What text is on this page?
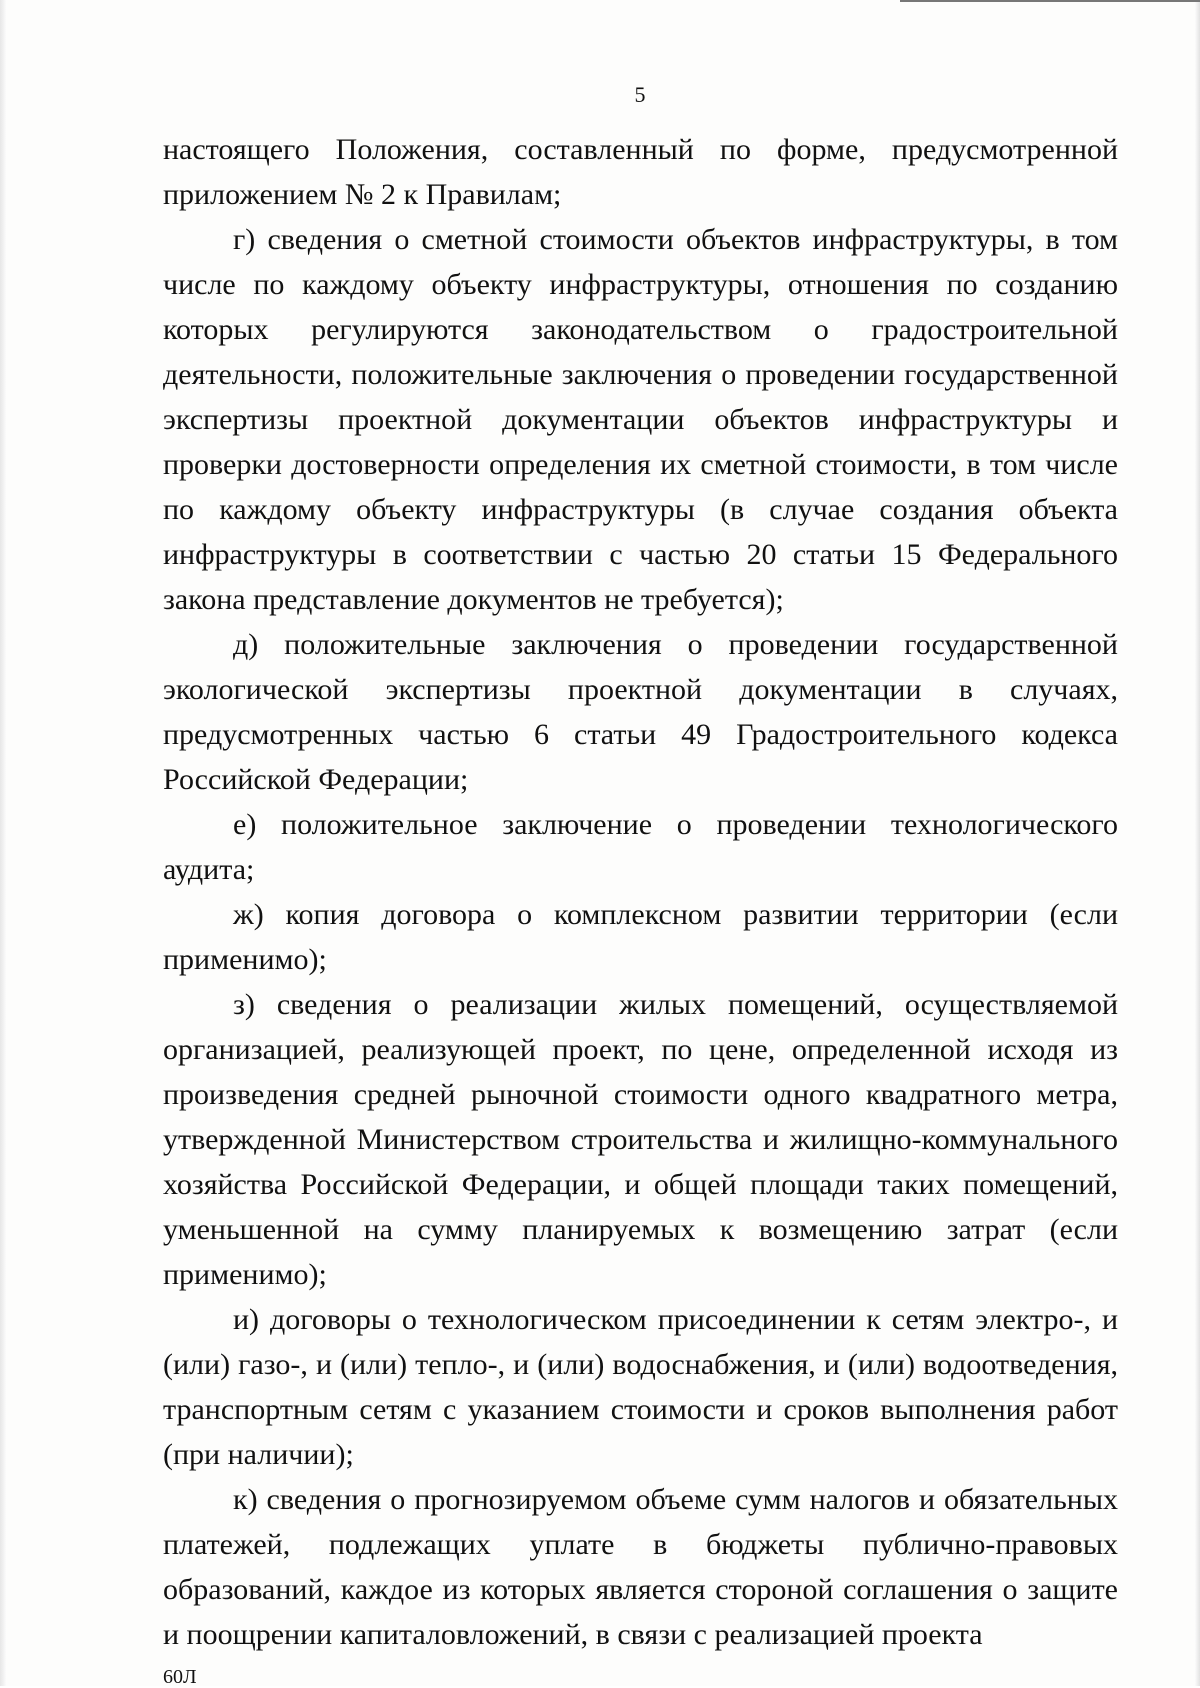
5

настоящего Положения, составленный по форме, предусмотренной приложением № 2 к Правилам;

г) сведения о сметной стоимости объектов инфраструктуры, в том числе по каждому объекту инфраструктуры, отношения по созданию которых регулируются законодательством о градостроительной деятельности, положительные заключения о проведении государственной экспертизы проектной документации объектов инфраструктуры и проверки достоверности определения их сметной стоимости, в том числе по каждому объекту инфраструктуры (в случае создания объекта инфраструктуры в соответствии с частью 20 статьи 15 Федерального закона представление документов не требуется);

д) положительные заключения о проведении государственной экологической экспертизы проектной документации в случаях, предусмотренных частью 6 статьи 49 Градостроительного кодекса Российской Федерации;

е) положительное заключение о проведении технологического аудита;

ж) копия договора о комплексном развитии территории (если применимо);

з) сведения о реализации жилых помещений, осуществляемой организацией, реализующей проект, по цене, определенной исходя из произведения средней рыночной стоимости одного квадратного метра, утвержденной Министерством строительства и жилищно-коммунального хозяйства Российской Федерации, и общей площади таких помещений, уменьшенной на сумму планируемых к возмещению затрат (если применимо);

и) договоры о технологическом присоединении к сетям электро-, и (или) газо-, и (или) тепло-, и (или) водоснабжения, и (или) водоотведения, транспортным сетям с указанием стоимости и сроков выполнения работ (при наличии);

к) сведения о прогнозируемом объеме сумм налогов и обязательных платежей, подлежащих уплате в бюджеты публично-правовых образований, каждое из которых является стороной соглашения о защите и поощрении капиталовложений, в связи с реализацией проекта

60Л
